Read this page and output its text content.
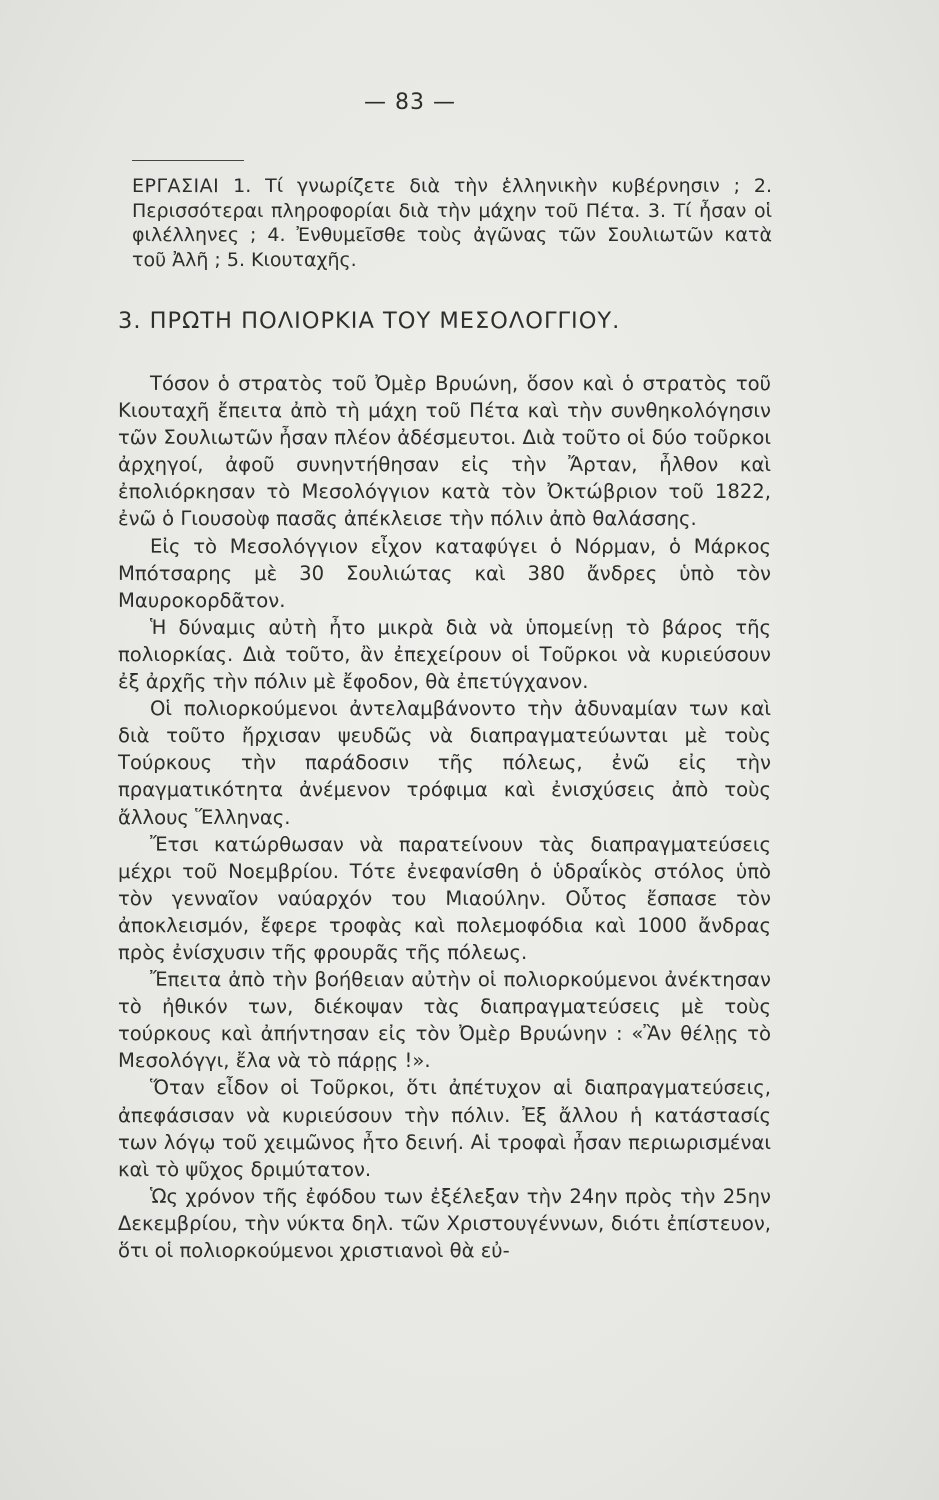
— 83 —
ΕΡΓΑΣΙΑΙ 1. Τί γνωρίζετε διὰ τὴν ἑλληνικὴν κυβέρνησιν ; 2. Περισσότεραι πληροφορίαι διὰ τὴν μάχην τοῦ Πέτα. 3. Τί ἦσαν οἱ φιλέλληνες ; 4. Ἐνθυμεῖσθε τοὺς ἀγῶνας τῶν Σουλιωτῶν κατὰ τοῦ Ἀλῆ ; 5. Κιουταχῆς.
3. ΠΡΩΤΗ ΠΟΛΙΟΡΚΙΑ ΤΟΥ ΜΕΣΟΛΟΓΓΙΟΥ.

Τόσον ὁ στρατὸς τοῦ Ὀμὲρ Βρυώνη, ὅσον καὶ ὁ στρατὸς τοῦ Κιουταχῆ ἔπειτα ἀπὸ τὴ μάχη τοῦ Πέτα καὶ τὴν συνθηκολόγησιν τῶν Σουλιωτῶν ἦσαν πλέον ἀδέσμευτοι. Διὰ τοῦτο οἱ δύο τοῦρκοι ἀρχηγοί, ἀφοῦ συνηντήθησαν εἰς τὴν Ἄρταν, ἦλθον καὶ ἐπολιόρκησαν τὸ Μεσολόγγιον κατὰ τὸν Ὀκτώβριον τοῦ 1822, ἐνῶ ὁ Γιουσοὺφ πασᾶς ἀπέκλεισε τὴν πόλιν ἀπὸ θαλάσσης.

Εἰς τὸ Μεσολόγγιον εἶχον καταφύγει ὁ Νόρμαν, ὁ Μάρκος Μπότσαρης μὲ 30 Σουλιώτας καὶ 380 ἄνδρες ὑπὸ τὸν Μαυροκορδᾶτον.

Ἡ δύναμις αὐτὴ ἦτο μικρὰ διὰ νὰ ὑπομείνῃ τὸ βάρος τῆς πολιορκίας. Διὰ τοῦτο, ἂν ἐπεχείρουν οἱ Τοῦρκοι νὰ κυριεύσουν ἐξ ἀρχῆς τὴν πόλιν μὲ ἔφοδον, θὰ ἐπετύγχανον.

Οἱ πολιορκούμενοι ἀντελαμβάνοντο τὴν ἀδυναμίαν των καὶ διὰ τοῦτο ἤρχισαν ψευδῶς νὰ διαπραγματεύωνται μὲ τοὺς Τούρκους τὴν παράδοσιν τῆς πόλεως, ἐνῶ εἰς τὴν πραγματικότητα ἀνέμενον τρόφιμα καὶ ἐνισχύσεις ἀπὸ τοὺς ἄλλους Ἕλληνας.

Ἔτσι κατώρθωσαν νὰ παρατείνουν τὰς διαπραγματεύσεις μέχρι τοῦ Νοεμβρίου. Τότε ἐνεφανίσθη ὁ ὑδραΐκὸς στόλος ὑπὸ τὸν γενναῖον ναύαρχόν του Μιαούλην. Οὗτος ἔσπασε τὸν ἀποκλεισμόν, ἔφερε τροφὰς καὶ πολεμοφόδια καὶ 1000 ἄνδρας πρὸς ἐνίσχυσιν τῆς φρουρᾶς τῆς πόλεως.

Ἔπειτα ἀπὸ τὴν βοήθειαν αὐτὴν οἱ πολιορκούμενοι ἀνέκτησαν τὸ ἠθικόν των, διέκοψαν τὰς διαπραγματεύσεις μὲ τοὺς τούρκους καὶ ἀπήντησαν εἰς τὸν Ὀμὲρ Βρυώνην : «Ἂν θέλῃς τὸ Μεσολόγγι, ἔλα νὰ τὸ πάρῃς !».

Ὅταν εἶδον οἱ Τοῦρκοι, ὅτι ἀπέτυχον αἱ διαπραγματεύσεις, ἀπεφάσισαν νὰ κυριεύσουν τὴν πόλιν. Ἐξ ἄλλου ἡ κατάστασίς των λόγῳ τοῦ χειμῶνος ἦτο δεινή. Αἱ τροφαὶ ἦσαν περιωρισμέναι καὶ τὸ ψῦχος δριμύτατον.

Ὡς χρόνον τῆς ἐφόδου των ἐξέλεξαν τὴν 24ην πρὸς τὴν 25ην Δεκεμβρίου, τὴν νύκτα δηλ. τῶν Χριστουγέννων, διότι ἐπίστευον, ὅτι οἱ πολιορκούμενοι χριστιανοὶ θὰ εὐ-
